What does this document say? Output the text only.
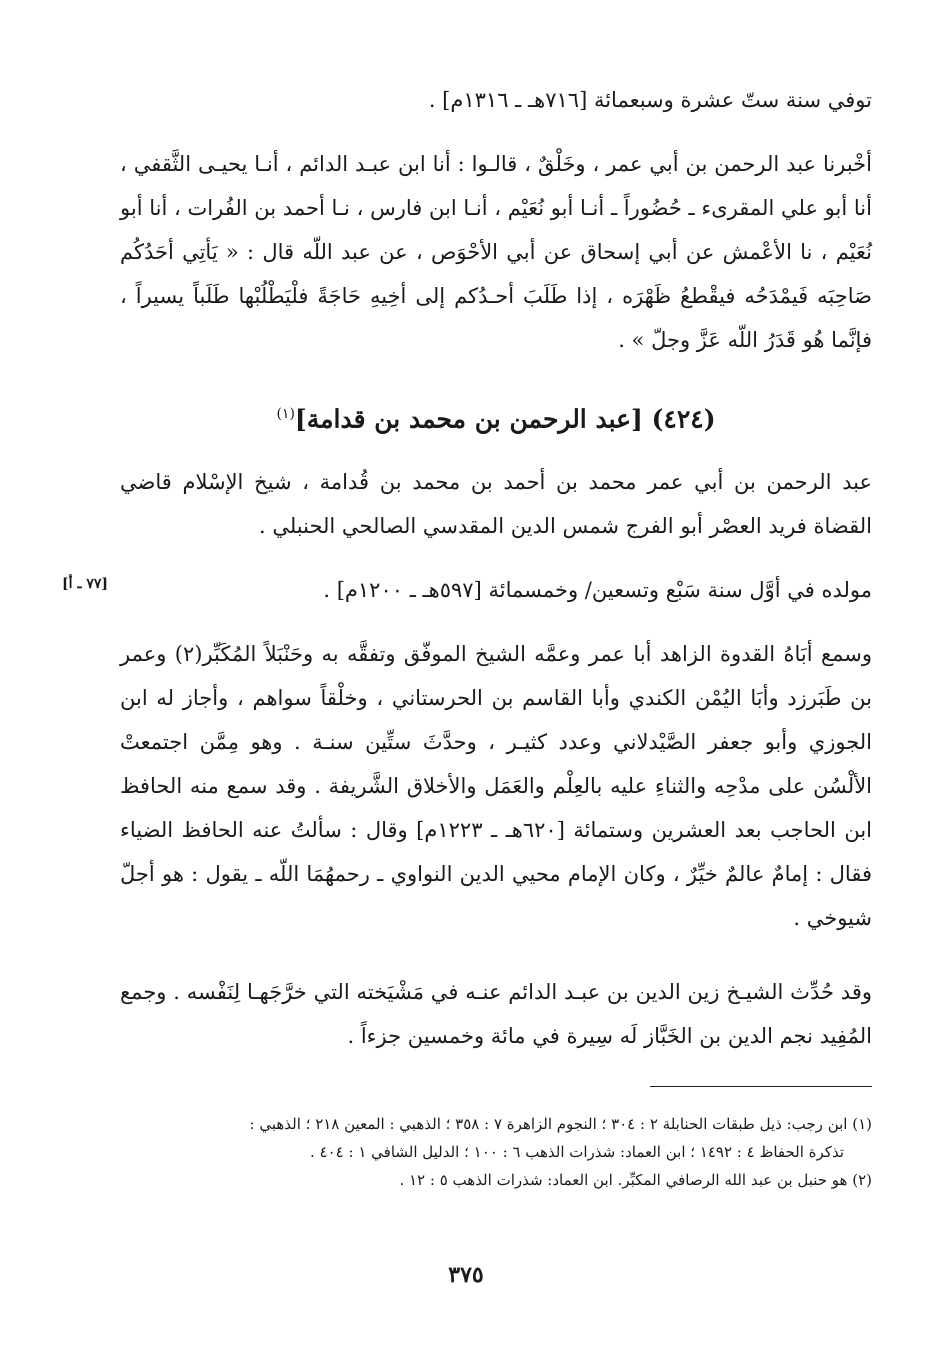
توفي سنة ستّ عشرة وسبعمائة [٧١٦هـ ـ ١٣١٦م] .

أخْبرنا عبد الرحمن بن أبي عمر ، وخَلْقٌ ، قالـوا : أنا ابن عبـد الدائم ، أنـا يحيـى الثَّقفي ، أنا أبو علي المقرىء ـ حُضُوراً ـ أنـا أبو نُعَيْم ، أنـا ابن فارس ، نـا أحمد بن الفُرات ، أنا أبو نُعَيْم ، نا الأعْمش عن أبي إسحاق عن أبي الأحْوَص ، عن عبد اللّه قال : « يَأتِي أحَدُكُم صَاحِبَه فَيمْدَحُه فيقْطعُ ظَهْرَه ، إذا طَلَبَ أحـدُكم إلى أخِيهِ حَاجَةً فلْيَطْلُبْها طَلَباً يسيراً ، فإنَّما هُو قَدَرُ اللّه عَزَّ وجلّ » .

(٤٢٤) [عبد الرحمن بن محمد بن قدامة]$^{(١)}$

عبد الرحمن بن أبي عمر محمد بن أحمد بن محمد بن قُدامة ، شيخ الإسْلام قاضي القضاة فريد العصْر أبو الفرج شمس الدين المقدسي الصالحي الحنبلي .

مولده في أوَّل سنة سَبْع وتسعين/ وخمسمائة [٥٩٧هـ ـ ١٢٠٠م] .

[٧٧ ـ أ]

وسمع أبَاهُ القدوة الزاهد أبا عمر وعمَّه الشيخ الموفّق وتفقَّه به وحَنْبَلاً المُكَبِّر(٢) وعمر بن طَبَرزد وأبَا اليُمْن الكندي وأبا القاسم بن الحرستاني ، وخلْقاً سواهم ، وأجاز له ابن الجوزي وأبو جعفر الصَّيْدلاني وعدد كثيـر ، وحدَّثَ ستِّين سنـة . وهو مِمَّن اجتمعتْ الألْسُن على مدْحِه والثناءِ عليه بالعِلْم والعَمَل والأخلاق الشَّريفة . وقد سمع منه الحافظ ابن الحاجب بعد العشرين وستمائة [٦٢٠هـ ـ ١٢٢٣م] وقال : سألتُ عنه الحافظ الضياء فقال : إمامٌ عالمٌ خيِّرٌ ، وكان الإمام محيي الدين النواوي ـ رحمهُمَا اللّه ـ يقول : هو أجلّ شيوخي .

وقد حُدِّث الشيـخ زين الدين بن عبـد الدائم عنـه في مَشْيَخته التي خرَّجَهـا لِنَفْسه . وجمع المُفِيد نجم الدين بن الخَبَّاز لَه سِيرة في مائة وخمسين جزءاً .

(١) ابن رجب: ذيل طبقات الحنابلة ٢ : ٣٠٤ ؛ النجوم الزاهرة ٧ : ٣٥٨ ؛ الذهبي : المعين ٢١٨ ؛ الذهبي :

تذكرة الحفاظ ٤ : ١٤٩٢ ؛ ابن العماد: شذرات الذهب ٦ : ١٠٠ ؛ الدليل الشافي ١ : ٤٠٤ .

(٢) هو حنبل بن عبد الله الرصافي المكبِّر. ابن العماد: شذرات الذهب ٥ : ١٢ .

٣٧٥
